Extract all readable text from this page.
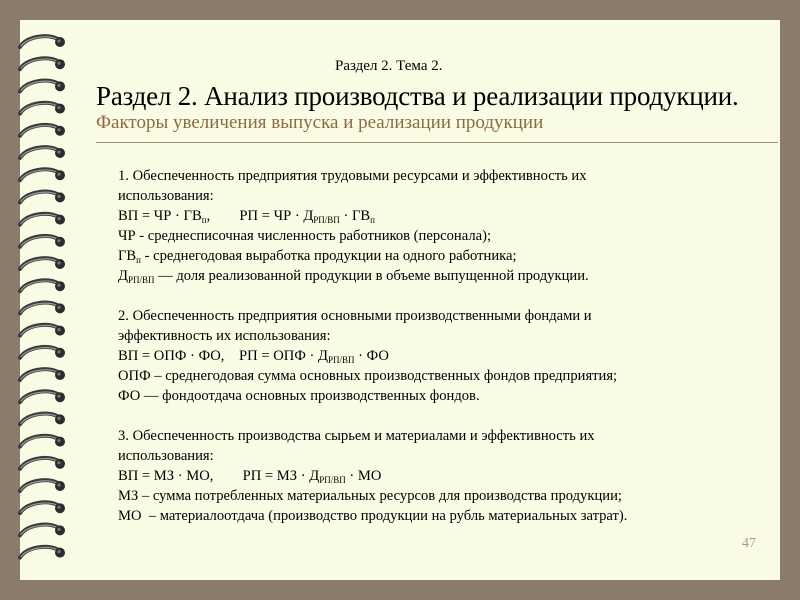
Раздел 2. Тема 2.
Раздел 2. Анализ производства и реализации продукции.
Факторы увеличения выпуска и реализации продукции
1. Обеспеченность предприятия трудовыми ресурсами и эффективность их
использования:
ВП = ЧР · $ГВ_п$,        РП = ЧР · $Д_{РП/ВП} \cdot ГВ_п$
ЧР - среднесписочная численность работников (персонала);
$ГВ_п$ - среднегодовая выработка продукции на одного работника;
$Д_{РП/ВП}$ — доля реализованной продукции в объеме выпущенной продукции.
2. Обеспеченность предприятия основными производственными фондами и
эффективность их использования:
ВП = ОПФ · ФО,    РП = ОПФ · $Д_{РП/ВП}$ · ФО
ОПФ – среднегодовая сумма основных производственных фондов предприятия;
ФО — фондоотдача основных производственных фондов.
3. Обеспеченность производства сырьем и материалами и эффективность их
использования:
ВП = МЗ · МО,        РП = МЗ · $Д_{РП/ВП}$ · МО
МЗ – сумма потребленных материальных ресурсов для производства продукции;
МО  – материалоотдача (производство продукции на рубль материальных затрат).
47
